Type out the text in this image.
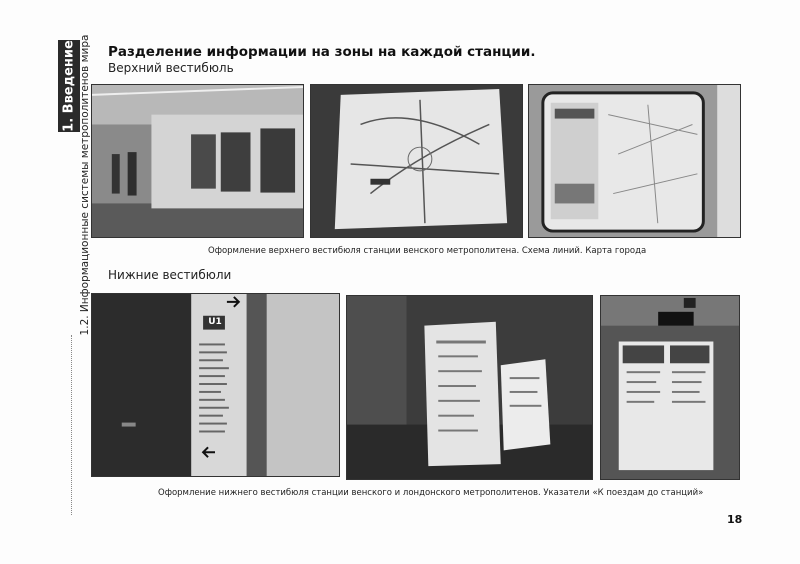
1. Введение 1.2. Информационные системы метрополитенов мира Разделение информации на зоны на каждой станции.
Верхний вестибюль
Оформление верхнего вестибюля станции венского метрополитена. Схема линий. Карта города
Нижние вестибюли
U1
Оформление нижнего вестибюля станции венского и лондонского метрополитенов. Указатели «К поездам до станций»
18
